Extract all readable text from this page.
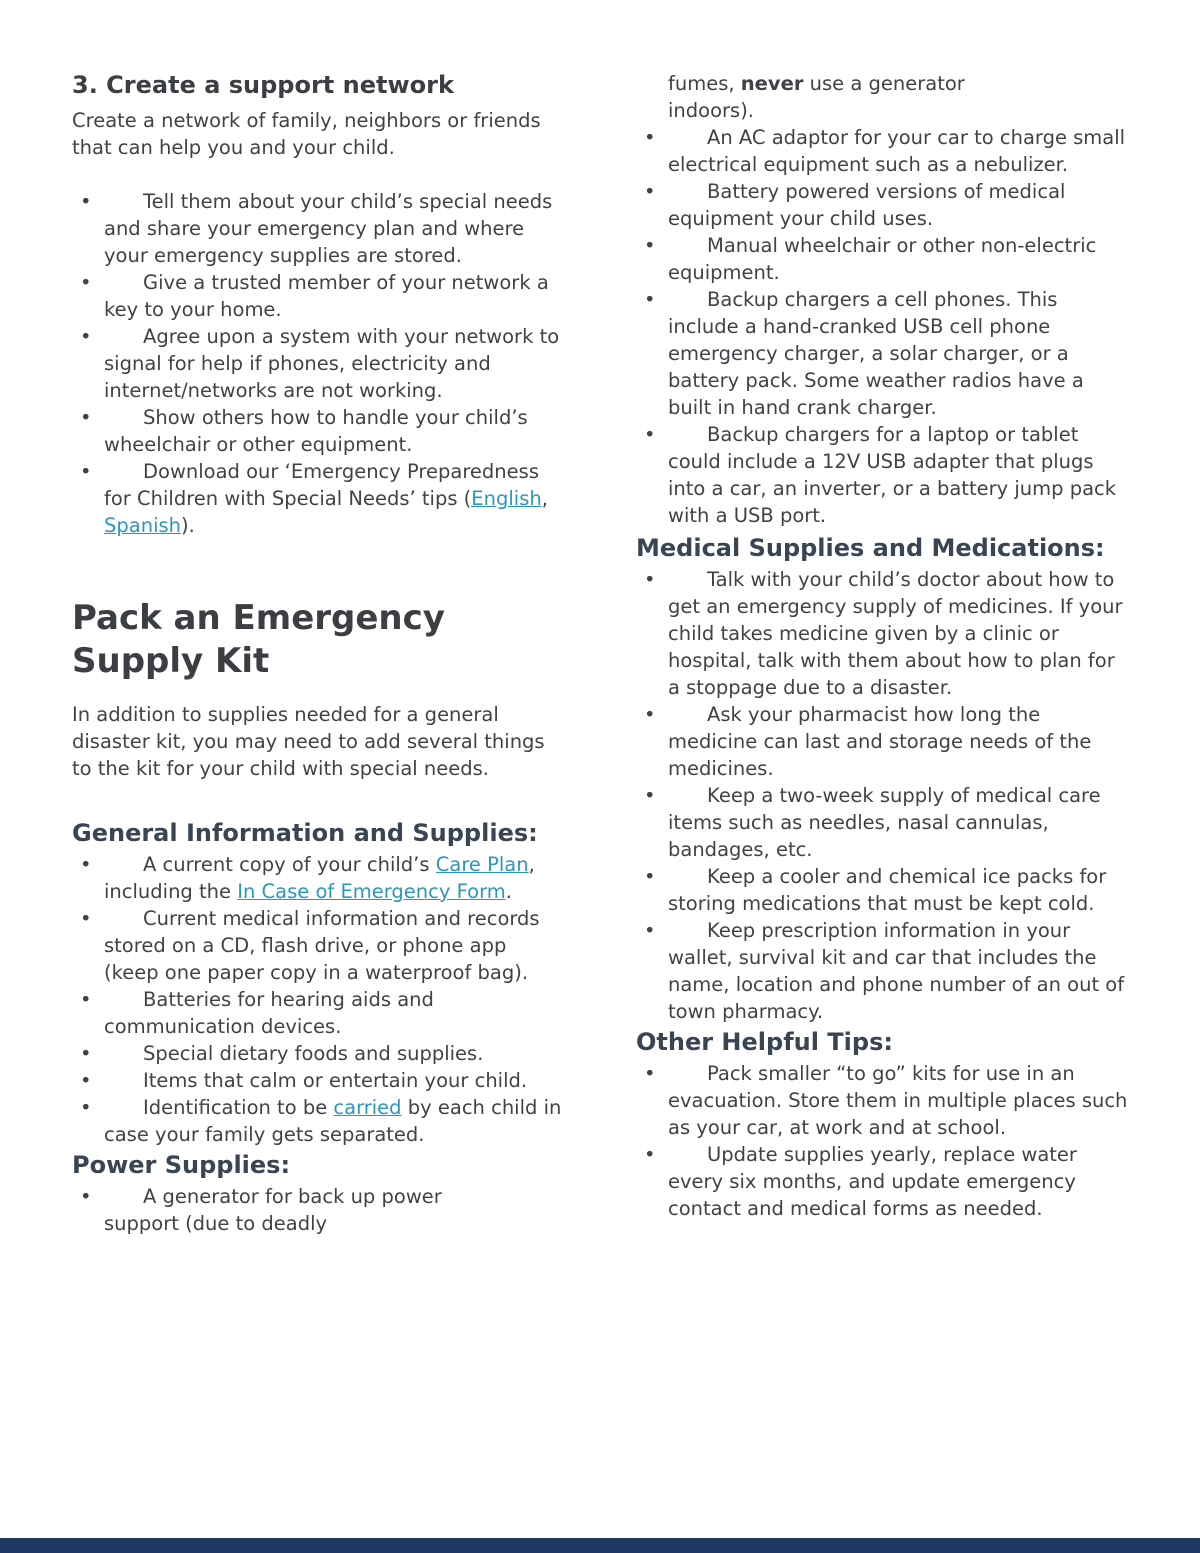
3. Create a support network

Create a network of family, neighbors or friends that can help you and your child.

• Tell them about your child’s special needs and share your emergency plan and where your emergency supplies are stored.
• Give a trusted member of your network a key to your home.
• Agree upon a system with your network to signal for help if phones, electricity and internet/networks are not working.
• Show others how to handle your child’s wheelchair or other equipment.
• Download our ‘Emergency Preparedness for Children with Special Needs’ tips (English, Spanish).
Pack an Emergency Supply Kit

In addition to supplies needed for a general disaster kit, you may need to add several things to the kit for your child with special needs.

General Information and Supplies:
• A current copy of your child’s Care Plan, including the In Case of Emergency Form.
• Current medical information and records stored on a CD, flash drive, or phone app (keep one paper copy in a waterproof bag).
• Batteries for hearing aids and communication devices.
• Special dietary foods and supplies.
• Items that calm or entertain your child.
• Identification to be carried by each child in case your family gets separated.
Power Supplies:
• A generator for back up power
support (due to deadly

fumes, never use a generator
indoors).

• An AC adaptor for your car to charge small electrical equipment such as a nebulizer.
• Battery powered versions of medical equipment your child uses.
• Manual wheelchair or other non-electric equipment.
• Backup chargers a cell phones. This include a hand-cranked USB cell phone emergency charger, a solar charger, or a battery pack. Some weather radios have a built in hand crank charger.
• Backup chargers for a laptop or tablet could include a 12V USB adapter that plugs into a car, an inverter, or a battery jump pack with a USB port.
Medical Supplies and Medications:
• Talk with your child’s doctor about how to get an emergency supply of medicines. If your child takes medicine given by a clinic or hospital, talk with them about how to plan for a stoppage due to a disaster.
• Ask your pharmacist how long the medicine can last and storage needs of the medicines.
• Keep a two-week supply of medical care items such as needles, nasal cannulas, bandages, etc.
• Keep a cooler and chemical ice packs for storing medications that must be kept cold.
• Keep prescription information in your wallet, survival kit and car that includes the name, location and phone number of an out of town pharmacy.
Other Helpful Tips:
• Pack smaller “to go” kits for use in an evacuation. Store them in multiple places such as your car, at work and at school.
• Update supplies yearly, replace water every six months, and update emergency contact and medical forms as needed.
